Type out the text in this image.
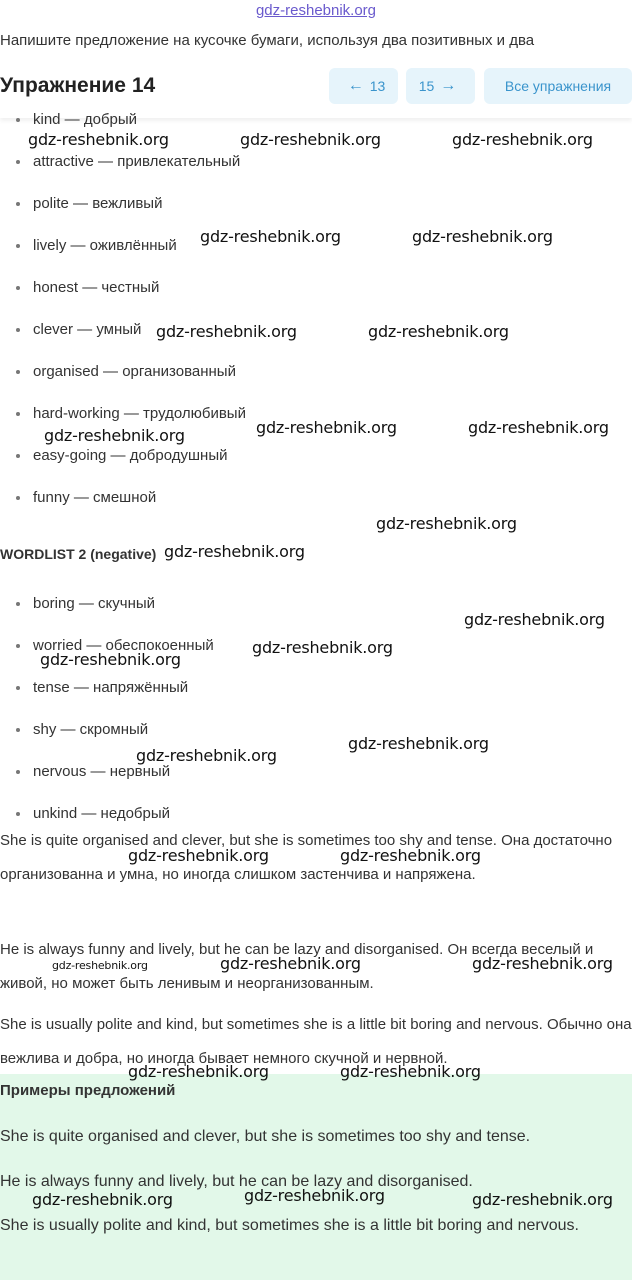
gdz-reshebnik.org
Напишите предложение на кусочке бумаги, используя два позитивных и два
Упражнение 14	← 13 15 →	Все упражнения
kind — добрый
attractive — привлекательный
polite — вежливый
lively — оживлённый
honest — честный
clever — умный
organised — организованный
hard-working — трудолюбивый
easy-going — добродушный
funny — смешной
WORDLIST 2 (negative)
boring — скучный
worried — обеспокоенный
tense — напряжённый
shy — скромный
nervous — нервный
unkind — недобрый

She is quite organised and clever, but she is sometimes too shy and tense. Она достаточно организованна и умна, но иногда слишком застенчива и напряжена.

He is always funny and lively, but he can be lazy and disorganised. Он всегда веселый и живой, но может быть ленивым и неорганизованным.

She is usually polite and kind, but sometimes she is a little bit boring and nervous. Обычно она вежлива и добра, но иногда бывает немного скучной и нервной.

Примеры предложений

She is quite organised and clever, but she is sometimes too shy and tense.

He is always funny and lively, but he can be lazy and disorganised.

She is usually polite and kind, but sometimes she is a little bit boring and nervous.

gdz-reshebnik.org	gdz-reshebnik.org	gdz-reshebnik.org
gdz-reshebnik.org	gdz-reshebnik.org
gdz-reshebnik.org	gdz-reshebnik.org
gdz-reshebnik.org	gdz-reshebnik.org	gdz-reshebnik.org
gdz-reshebnik.org
gdz-reshebnik.org
gdz-reshebnik.org
gdz-reshebnik.org
gdz-reshebnik.org
gdz-reshebnik.org
gdz-reshebnik.org
gdz-reshebnik.org	gdz-reshebnik.org
gdz-reshebnik.org	gdz-reshebnik.org	gdz-reshebnik.org
gdz-reshebnik.org	gdz-reshebnik.org
gdz-reshebnik.org	gdz-reshebnik.org	gdz-reshebnik.org
